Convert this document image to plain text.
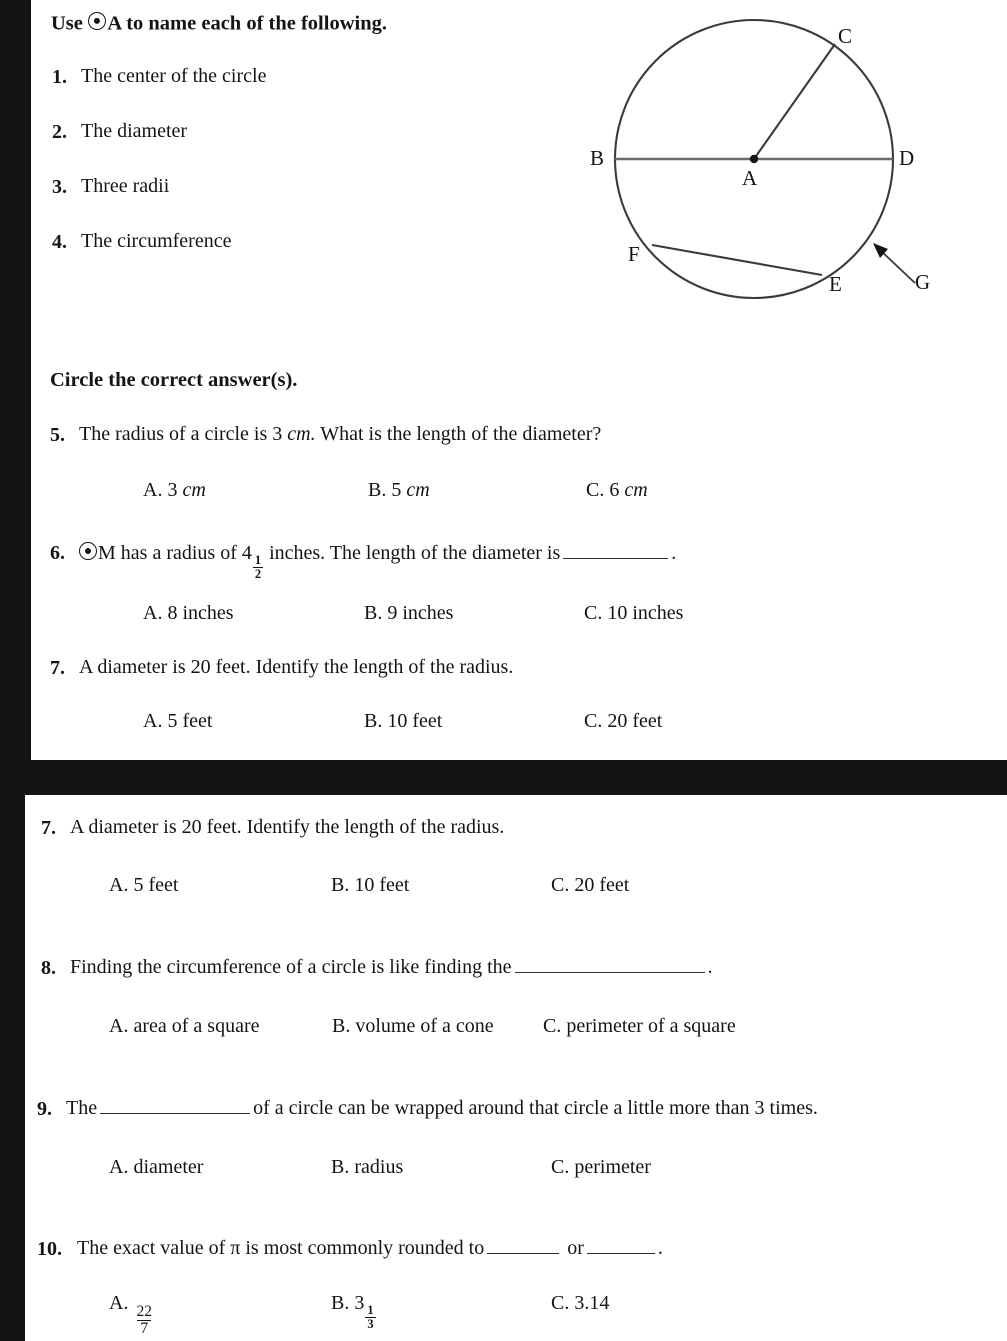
Use A to name each of the following.
1. The center of the circle
2. The diameter
3. Three radii
4. The circumference
Circle the correct answer(s).
5. The radius of a circle is 3 cm. What is the length of the diameter?
A. 3 cm	B. 5 cm	C. 6 cm
6.	M has a radius of 4
$\frac{1}{2}$
inches. The length of the diameter is	.
A. 8 inches	B. 9 inches	C. 10 inches
7. A diameter is 20 feet. Identify the length of the radius.
A. 5 feet	B. 10 feet	C. 20 feet
B	D
C
A
F
E	G
7. A diameter is 20 feet. Identify the length of the radius.
A. 5 feet	B. 10 feet	C. 20 feet
8. Finding the circumference of a circle is like finding the	.
A. area of a square	B. volume of a cone C. perimeter of a square
9. The	of a circle can be wrapped around that circle a little more than 3 times.
A. diameter	B. radius	C. perimeter
10. The exact value of π is most commonly rounded to	or	.
A.
$\frac{22}{7}$
B. 3
$\frac{1}{3}$
C. 3.14
